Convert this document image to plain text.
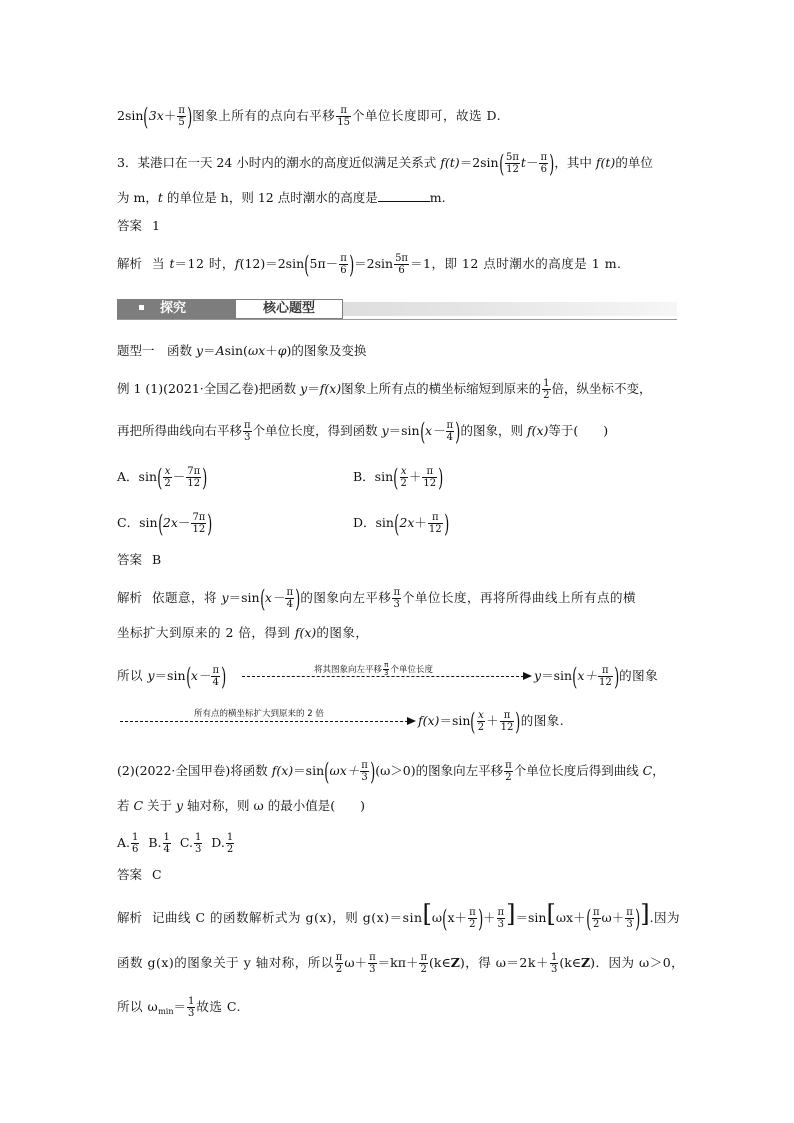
$2\sin(3x+ \frac{\pi}{5}$ )图象上所有的点向右平移 $\frac{\pi}{15}$ 个单位长度即可，故选 D.
3．某港口在一天 24 小时内的潮水的高度近似满足关系式 $f(t)=2\sin( \frac{5\pi}{12} t- \frac{\pi}{6}$ )，其中 f(t)的单位
为 m，t 的单位是 h，则 12 点时潮水的高度是	m.
答案 1
解析 当 t＝12 时，$f(12)=2\sin(5\pi- \frac{\pi}{6} )=2\sin \frac{5\pi}{6} =1$，即 12 点时潮水的高度是 1 m.
探究	核心题型
题型一　函数 y＝Asin(ωx＋φ)的图象及变换
例 1 (1)(2021·全国乙卷)把函数 y＝f(x)图象上所有点的横坐标缩短到原来的 $\frac{1}{2}$ 倍，纵坐标不变，
再把所得曲线向右平移 $\frac{\pi}{3}$ 个单位长度，得到函数 $y=\sin(x- \frac{\pi}{4}$ )的图象，则 f(x)等于(　　)
A．$\sin( \frac{x}{2} - \frac{7\pi}{12}$ )	B．$\sin( \frac{x}{2} + \frac{\pi}{12}$ )
C．$\sin(2x- \frac{7\pi}{12}$ )	D．$\sin(2x+ \frac{\pi}{12}$ )
答案 B
解析 依题意，将 $y=\sin(x- \frac{\pi}{4}$ )的图象向左平移 $\frac{\pi}{3}$ 个单位长度，再将所得曲线上所有点的横
坐标扩大到原来的 2 倍，得到 f(x)的图象，
所以 $y=\sin(x- \frac{\pi}{4}$ )	将其图象向左平移 $\frac{\pi}{3}$ 个单位长度	$y=\sin(x+ \frac{\pi}{12}$ )的图象
所有点的横坐标扩大到原来的 2 倍	$f(x)=\sin( \frac{x}{2} + \frac{\pi}{12}$ )的图象.
(2)(2022·全国甲卷)将函数 $f(x)=\sin(\omega x+ \frac{\pi}{3} )(\omega>0)$的图象向左平移 $\frac{\pi}{2}$ 个单位长度后得到曲线 C，
若 C 关于 y 轴对称，则 ω 的最小值是(　　)
A. $\frac{1}{6} B$. $\frac{1}{4} C$. $\frac{1}{3} D$. $\frac{1}{2}$
答案 C
解析 记曲线 C 的函数解析式为 g(x)，则 $g(x)=\sin[\omega(x+ \frac{\pi}{2}$ )＋ $\frac{\pi}{3} ]=\sin[\omega x+( \frac{\pi}{2} \omega+ \frac{\pi}{3}$ )].因为
函数 g(x)的图象关于 y 轴对称，所以 $\frac{\pi}{2} \omega+ \frac{\pi}{3} =k\pi+ \frac{\pi}{2}$ (k∈Z)，得 $\omega=2k+ \frac{1}{3}$ (k∈Z)．因为 ω＞0，
所以 $\omega_{min}= \frac{1}{3}$ 故选 C.
